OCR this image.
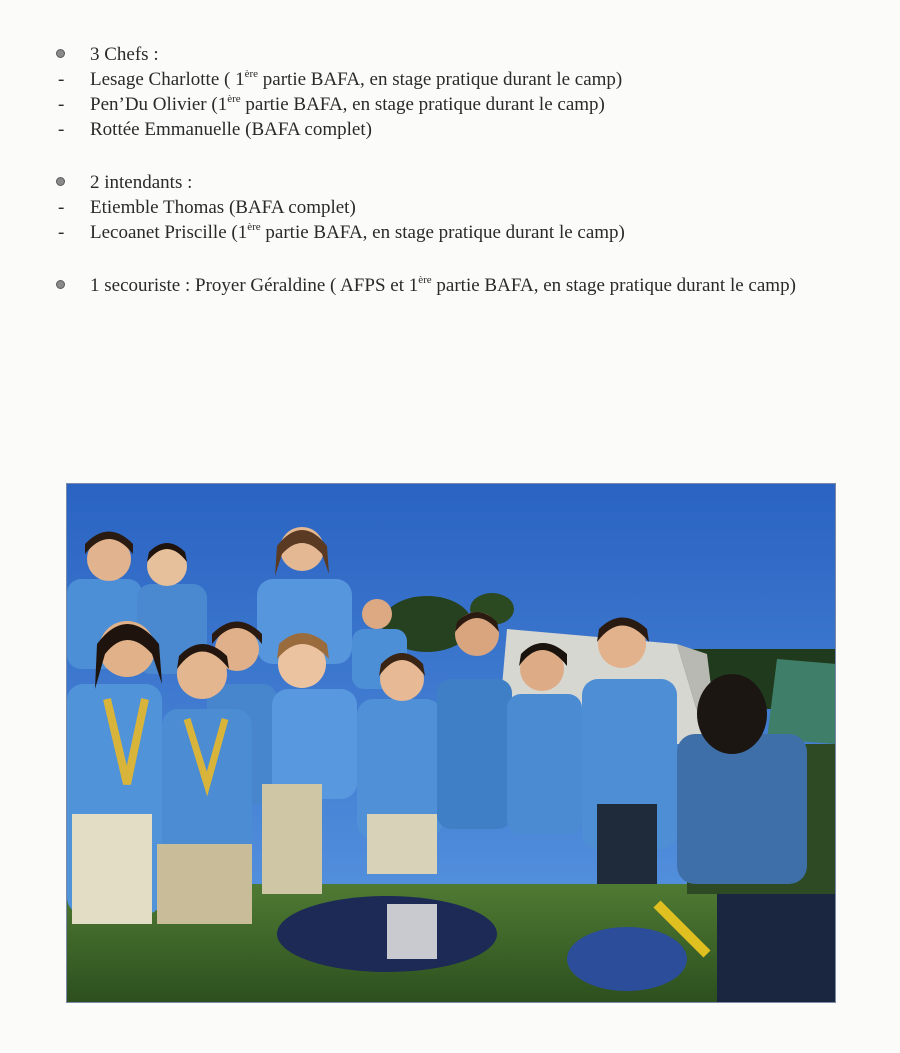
3 Chefs :
- Lesage Charlotte ( 1ère partie BAFA, en stage pratique durant le camp)
- Pen’Du Olivier (1ère partie BAFA, en stage pratique durant le camp)
- Rottée Emmanuelle (BAFA complet)
2 intendants :
- Etiemble Thomas (BAFA complet)
- Lecoanet Priscille (1ère partie BAFA, en stage pratique durant le camp)
1 secouriste : Proyer Géraldine ( AFPS et 1ère partie BAFA, en stage pratique durant le camp)
